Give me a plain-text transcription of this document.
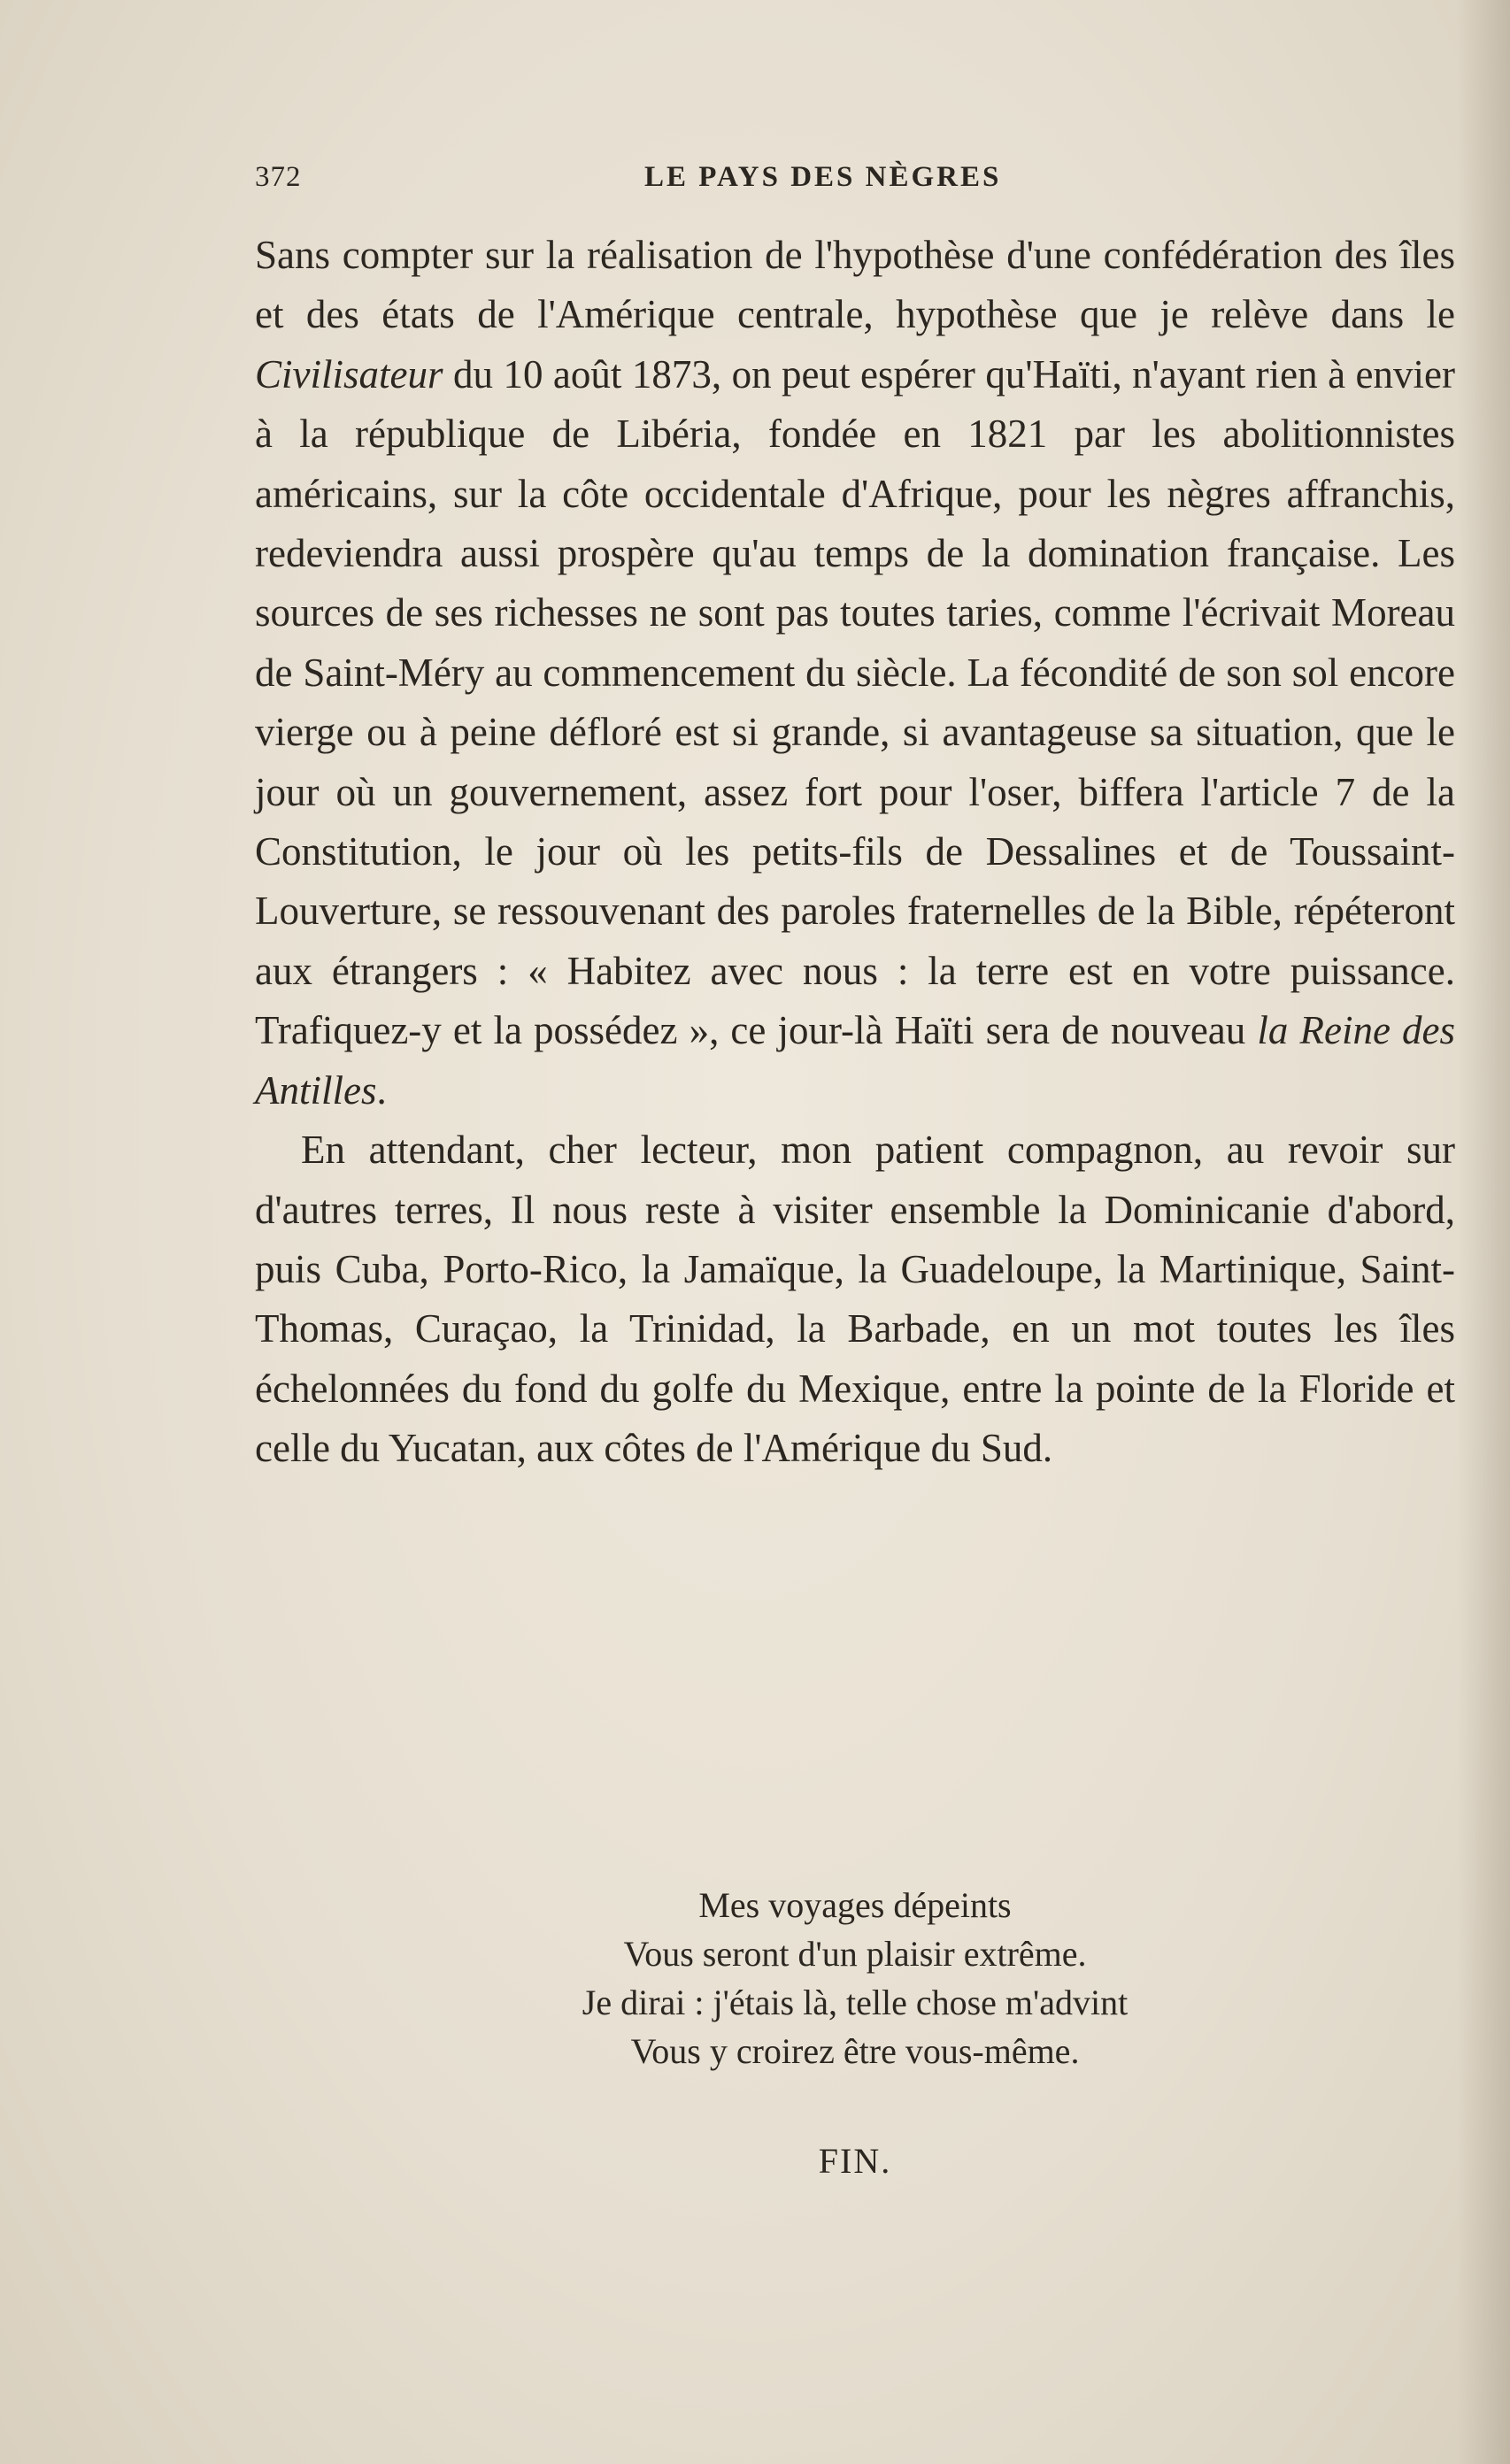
372	LE PAYS DES NÈGRES

Sans compter sur la réalisation de l'hypothèse d'une confédération des îles et des états de l'Amérique centrale, hypothèse que je relève dans le Civilisateur du 10 août 1873, on peut espérer qu'Haïti, n'ayant rien à envier à la république de Libéria, fondée en 1821 par les abolitionnistes américains, sur la côte occidentale d'Afrique, pour les nègres affranchis, redeviendra aussi prospère qu'au temps de la domination française. Les sources de ses richesses ne sont pas toutes taries, comme l'écrivait Moreau de Saint-Méry au commencement du siècle. La fécondité de son sol encore vierge ou à peine défloré est si grande, si avantageuse sa situation, que le jour où un gouvernement, assez fort pour l'oser, biffera l'article 7 de la Constitution, le jour où les petits-fils de Dessalines et de Toussaint-Louverture, se ressouvenant des paroles fraternelles de la Bible, répéteront aux étrangers : « Habitez avec nous : la terre est en votre puissance. Trafiquez-y et la possédez », ce jour-là Haïti sera de nouveau la Reine des Antilles.

En attendant, cher lecteur, mon patient compagnon, au revoir sur d'autres terres, Il nous reste à visiter ensemble la Dominicanie d'abord, puis Cuba, Porto-Rico, la Jamaïque, la Guadeloupe, la Martinique, Saint-Thomas, Curaçao, la Trinidad, la Barbade, en un mot toutes les îles échelonnées du fond du golfe du Mexique, entre la pointe de la Floride et celle du Yucatan, aux côtes de l'Amérique du Sud.

Mes voyages dépeints
Vous seront d'un plaisir extrême.
Je dirai : j'étais là, telle chose m'advint
Vous y croirez être vous-même.
FIN.
